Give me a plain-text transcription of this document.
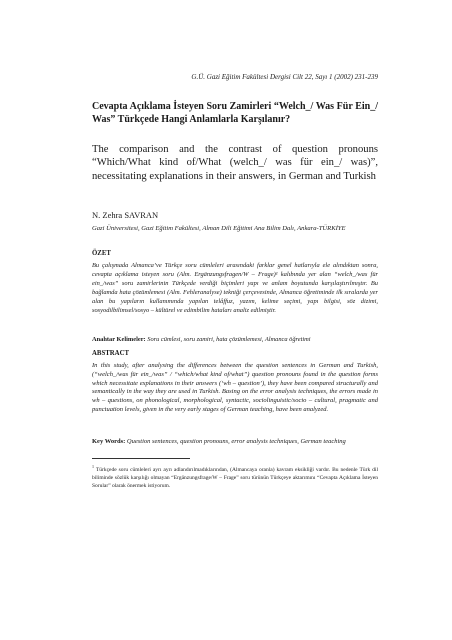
G.Ü. Gazi Eğitim Fakültesi Dergisi Cilt 22, Sayı 1 (2002) 231-239
Cevapta Açıklama İsteyen Soru Zamirleri “Welch_/ Was Für Ein_/ Was” Türkçede Hangi Anlamlarla Karşılanır?
The comparison and the contrast of question pronouns “Which/What kind of/What (welch_/ was für ein_/ was)”, necessitating explanations in their answers, in German and Turkish
N. Zehra SAVRAN
Gazi Üniversitesi, Gazi Eğitim Fakültesi, Alman Dili Eğitimi Ana Bilim Dalı, Ankara-TÜRKİYE
ÖZET
Bu çalışmada Almanca’ve Türkçe soru cümleleri arasındaki farklar genel hatlarıyla ele alındıktan sonra, cevapta açıklama isteyen soru (Alm. Ergänzungsfragen/W – Frage)¹ kalıbında yer alan “welch_/was für ein_/was” soru zamirlerinin Türkçede verdiği biçimleri yapı ve anlam boyutunda karşılaştırılmıştır. Bu bağlamda hata çözümlemesi (Alm. Fehleranalyse) tekniği çerçevesinde, Almanca öğretiminde ilk sıralarda yer alan bu yapıların kullanımında yapılan telâffuz, yazım, kelime seçimi, yapı bilgisi, söz dizimi, sosyodilbilimsel/sosyo – kültürel ve edimbilim hataları analiz edilmiştir.
Anahtar Kelimeler: Soru cümlesi, soru zamiri, hata çözümlemesi, Almanca öğretimi
ABSTRACT
In this study, after analysing the differences between the question sentences in German and Turkish, (“welch_/was für ein_/was” / “which/what kind of/what”) question pronouns found in the question forms which necessitate explanations in their answers (‘wh – question’), they have been compared structurally and semantically in the way they are used in Turkish. Basing on the error analysis techniques, the errors made in wh – questions, on phonological, morphological, syntactic, sociolinguistic/socio – cultural, pragmatic and punctuation levels, given in the very early stages of German teaching, have been analyzed.
Key Words: Question sentences, question pronouns, error analysis techniques, German teaching
$^1$ Türkçede soru cümleleri ayrı ayrı adlandırılmadıklarından, (Almancaya oranla) kavram eksikliği vardır. Bu nedenle Türk dil biliminde sözlük karşılığı olmayan “Ergänzungsfrage/W – Frage” soru türünün Türkçeye aktarımını “Cevapta Açıklama İsteyen Sorular” olarak önermek istiyorum.
